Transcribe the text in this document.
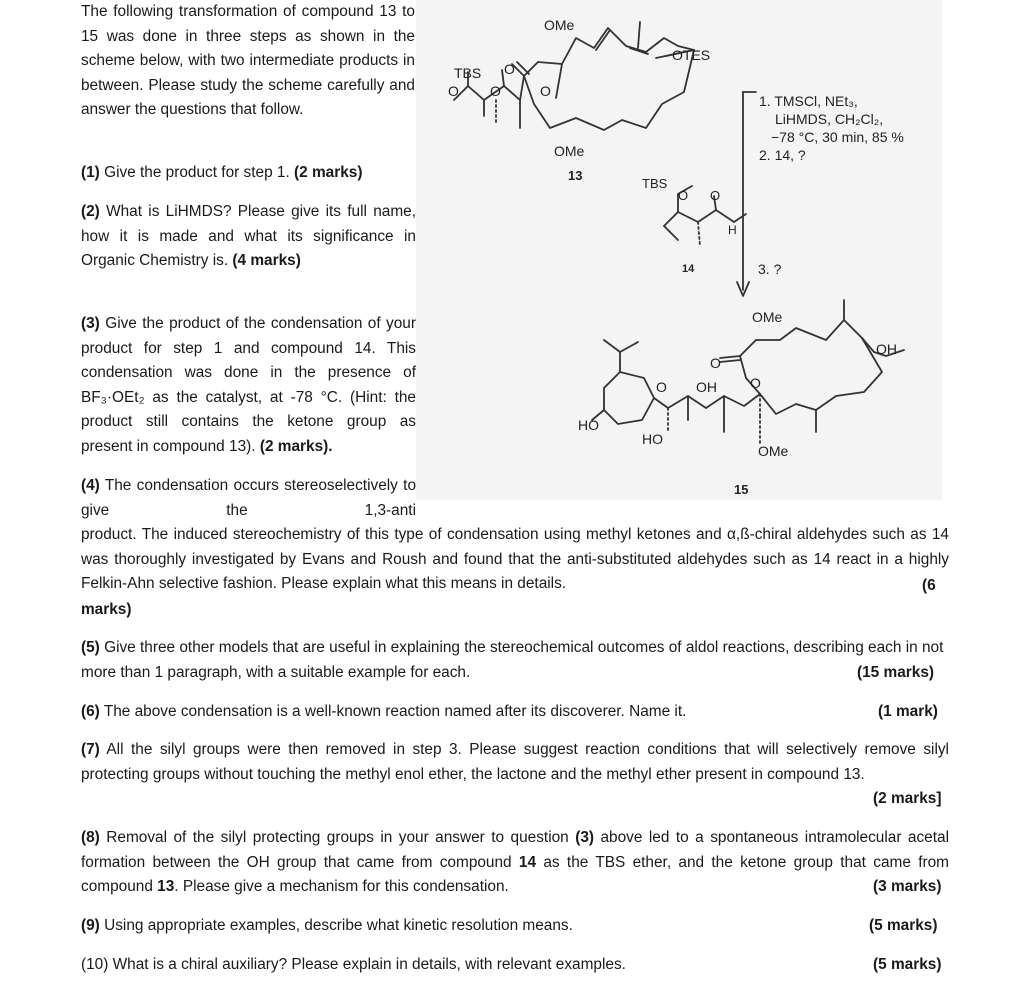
The following transformation of compound 13 to 15 was done in three steps as shown in the scheme below, with two intermediate products in between. Please study the scheme carefully and answer the questions that follow.
(1) Give the product for step 1. (2 marks)
(2) What is LiHMDS? Please give its full name, how it is made and what its significance in Organic Chemistry is. (4 marks)
(3) Give the product of the condensation of your product for step 1 and compound 14. This condensation was done in the presence of BF₃·OEt₂ as the catalyst, at -78 °C. (Hint: the product still contains the ketone group as present in compound 13). (2 marks).
(4) The condensation occurs stereoselectively to give the 1,3-anti
product. The induced stereochemistry of this type of condensation using methyl ketones and α,ß-chiral aldehydes such as 14 was thoroughly investigated by Evans and Roush and found that the anti-substituted aldehydes such as 14 react in a highly Felkin-Ahn selective fashion. Please explain what this means in details.	(6
marks)
(5) Give three other models that are useful in explaining the stereochemical outcomes of aldol reactions, describing each in not more than 1 paragraph, with a suitable example for each.	(15 marks)
(6) The above condensation is a well-known reaction named after its discoverer. Name it.	(1 mark)
(7) All the silyl groups were then removed in step 3. Please suggest reaction conditions that will selectively remove silyl protecting groups without touching the methyl enol ether, the lactone and the methyl ether present in compound 13.
(2 marks]
(8) Removal of the silyl protecting groups in your answer to question (3) above led to a spontaneous intramolecular acetal formation between the OH group that came from compound 14 as the TBS ether, and the ketone group that came from compound 13. Please give a mechanism for this condensation.	(3 marks)
(9) Using appropriate examples, describe what kinetic resolution means.	(5 marks)
(10) What is a chiral auxiliary? Please explain in details, with relevant examples.	(5 marks)
OMe
OTES
TBS O
O O	O
OMe
13
TBS
O O
H
14	3. ?
OMe
OH
O
O OH O
HO
HO
OMe
15
1. TMSCl, NEt₃,
LiHMDS, CH₂Cl₂,
−78 °C, 30 min, 85 %
2. 14, ?
